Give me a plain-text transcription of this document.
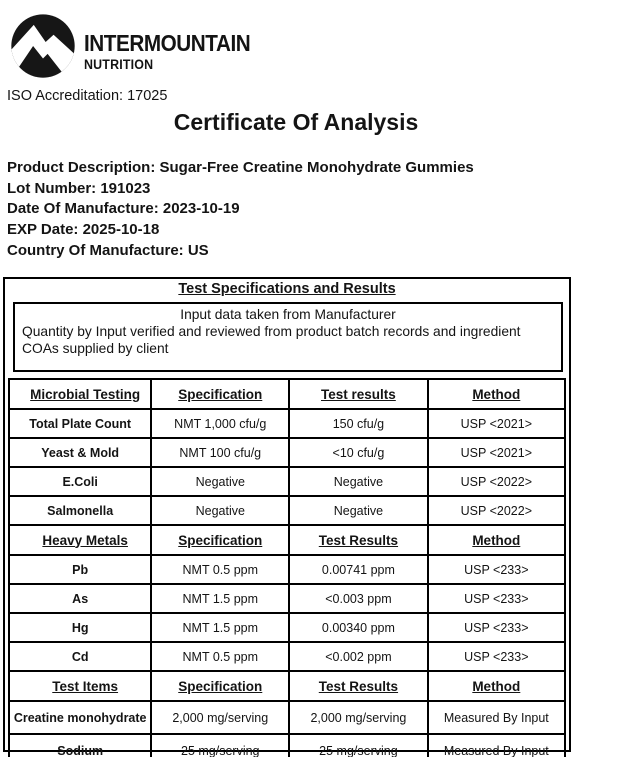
INTERMOUNTAIN
NUTRITION
ISO Accreditation: 17025
Certificate Of Analysis
Product Description: Sugar-Free Creatine Monohydrate Gummies
Lot Number: 191023
Date Of Manufacture: 2023-10-19
EXP Date: 2025-10-18
Country Of Manufacture: US
Test Specifications and Results
Input data taken from Manufacturer
Quantity by Input verified and reviewed from product batch records and ingredient COAs supplied by client
Microbial Testing	Specification	Test results	Method
Total Plate Count	NMT 1,000 cfu/g	150 cfu/g	USP <2021>
Yeast & Mold	NMT 100 cfu/g	<10 cfu/g	USP <2021>
E.Coli	Negative	Negative	USP <2022>
Salmonella	Negative	Negative	USP <2022>
Heavy Metals	Specification	Test Results	Method
Pb	NMT 0.5 ppm	0.00741 ppm	USP <233>
As	NMT 1.5 ppm	<0.003 ppm	USP <233>
Hg	NMT 1.5 ppm	0.00340 ppm	USP <233>
Cd	NMT 0.5 ppm	<0.002 ppm	USP <233>
Test Items	Specification	Test Results	Method
Creatine monohydrate	2,000 mg/serving	2,000 mg/serving	Measured By Input
Sodium	25 mg/serving	25 mg/serving	Measured By Input
